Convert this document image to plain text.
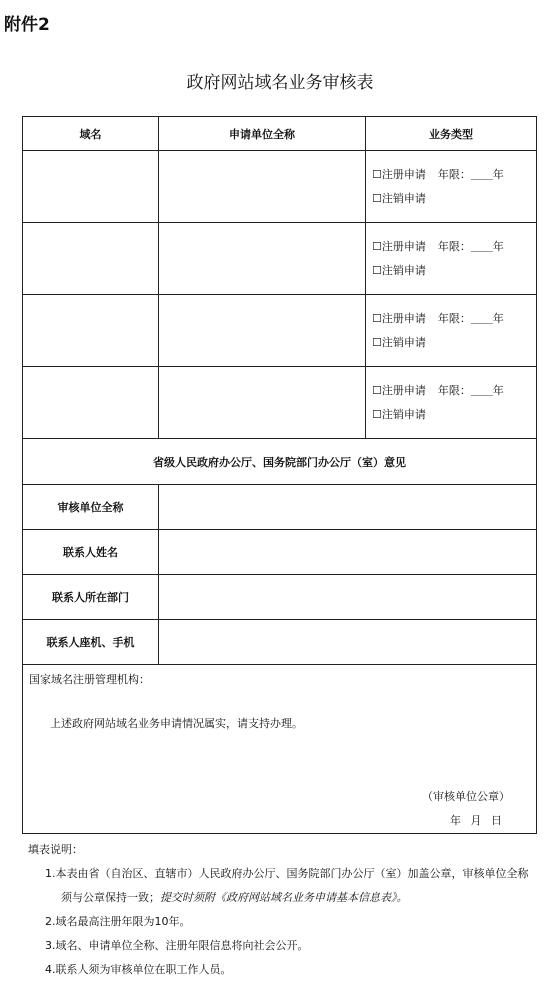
附件2
政府网站域名业务审核表
域名	申请单位全称	业务类型

		☐注册申请 年限：＿＿年
☐注销申请

		☐注册申请 年限：＿＿年
☐注销申请

		☐注册申请 年限：＿＿年
☐注销申请

		☐注册申请 年限：＿＿年
☐注销申请

省级人民政府办公厅、国务院部门办公厅（室）意见		
审核单位全称		
联系人姓名		
联系人所在部门		
联系人座机、手机		

国家域名注册管理机构：
上述政府网站域名业务申请情况属实，请支持办理。
（审核单位公章）
年 月 日		
填表说明：
1.本表由省（自治区、直辖市）人民政府办公厅、国务院部门办公厅（室）加盖公章，审核单位全称
须与公章保持一致；提交时须附《政府网站域名业务申请基本信息表》。
2.域名最高注册年限为10年。
3.域名、申请单位全称、注册年限信息将向社会公开。
4.联系人须为审核单位在职工作人员。
